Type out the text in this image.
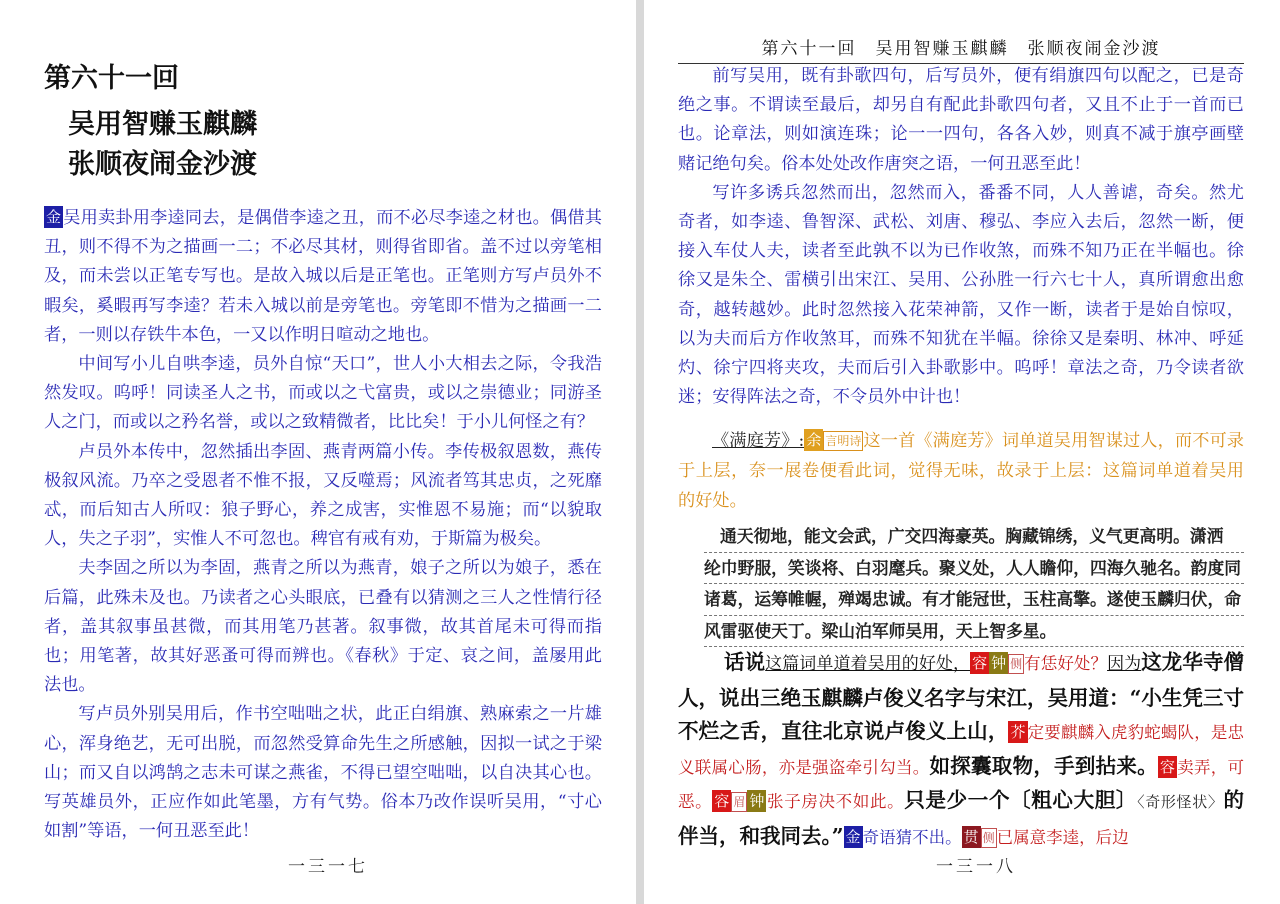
第六十一回
吴用智赚玉麒麟
张顺夜闹金沙渡

金 吴用卖卦用李逵同去，是偶借李逵之丑，而不必尽李逵之材也。偶借其丑，则不得不为之描画一二；不必尽其材，则得省即省。盖不过以旁笔相及，而未尝以正笔专写也。是故入城以后是正笔也。正笔则方写卢员外不暇矣，奚暇再写李逵？若未入城以前是旁笔也。旁笔即不惜为之描画一二者，一则以存铁牛本色，一又以作明日喧动之地也。

中间写小儿自哄李逵，员外自惊“天口”，世人小大相去之际，令我浩然发叹。呜呼！同读圣人之书，而或以之弋富贵，或以之崇德业；同游圣人之门，而或以之矜名誉，或以之致精微者，比比矣！于小儿何怪之有？

卢员外本传中，忽然插出李固、燕青两篇小传。李传极叙恩数，燕传极叙风流。乃卒之受恩者不惟不报，又反噬焉；风流者笃其忠贞，之死靡忒，而后知古人所叹：狼子野心，养之成害，实惟恩不易施；而“以貌取人，失之子羽”，实惟人不可忽也。稗官有戒有劝，于斯篇为极矣。

夫李固之所以为李固，燕青之所以为燕青，娘子之所以为娘子，悉在后篇，此殊未及也。乃读者之心头眼底，已叠有以猜测之三人之性情行径者，盖其叙事虽甚微，而其用笔乃甚著。叙事微，故其首尾未可得而指也；用笔著，故其好恶蚤可得而辨也。《春秋》于定、哀之间，盖屡用此法也。

写卢员外别吴用后，作书空咄咄之状，此正白绢旗、熟麻索之一片雄心，浑身绝艺，无可出脱，而忽然受算命先生之所感触，因拟一试之于梁山；而又自以鸿鹄之志未可谋之燕雀，不得已望空咄咄，以自决其心也。写英雄员外，正应作如此笔墨，方有气势。俗本乃改作误听吴用，“寸心如割”等语，一何丑恶至此！

一三一七
第六十一回　吴用智赚玉麒麟　张顺夜闹金沙渡

前写吴用，既有卦歌四句，后写员外，便有绢旗四句以配之，已是奇绝之事。不谓读至最后，却另自有配此卦歌四句者，又且不止于一首而已也。论章法，则如演连珠；论一一四句，各各入妙，则真不减于旗亭画壁赌记绝句矣。俗本处处改作唐突之语，一何丑恶至此！

写许多诱兵忽然而出，忽然而入，番番不同，人人善谑，奇矣。然尤奇者，如李逵、鲁智深、武松、刘唐、穆弘、李应入去后，忽然一断，便接入车仗人夫，读者至此孰不以为已作收煞，而殊不知乃正在半幅也。徐徐又是朱仝、雷横引出宋江、吴用、公孙胜一行六七十人，真所谓愈出愈奇，越转越妙。此时忽然接入花荣神箭，又作一断，读者于是始自惊叹，以为夫而后方作收煞耳，而殊不知犹在半幅。徐徐又是秦明、林冲、呼延灼、徐宁四将夹攻，夫而后引入卦歌影中。呜呼！章法之奇，乃令读者欲迷；安得阵法之奇，不令员外中计也！

《满庭芳》: 余 言明诗 这一首《满庭芳》词单道吴用智谋过人，而不可录于上层，奈一展卷便看此词，觉得无味，故录于上层：这篇词单道着吴用的好处。
通天彻地，能文会武，广交四海豪英。胸藏锦绣，义气更高明。潇洒
纶巾野服，笑谈将、白羽麾兵。聚义处，人人瞻仰，四海久驰名。韵度同
诸葛，运筹帷幄，殚竭忠诚。有才能冠世，玉柱高擎。遂使玉麟归伏，命
风雷驱使天丁。梁山泊军师吴用，天上智多星。

话说这篇词单道着吴用的好处， 容 钟 侧 有恁好处？因为这龙华寺僧人，说出三绝玉麒麟卢俊义名字与宋江，吴用道：“小生凭三寸不烂之舌，直往北京说卢俊义上山， 芥 定要麒麟入虎豹蛇蝎队，是忠义联属心肠，亦是强盗牵引勾当。如探囊取物，手到拈来。 容 卖弄，可恶。 容 眉 钟 张子房决不如此。只是少一个〔粗心大胆〕〈奇形怪状〉的伴当，和我同去。” 金 奇语猜不出。 贯 侧 已属意李逵，后边

一三一八
